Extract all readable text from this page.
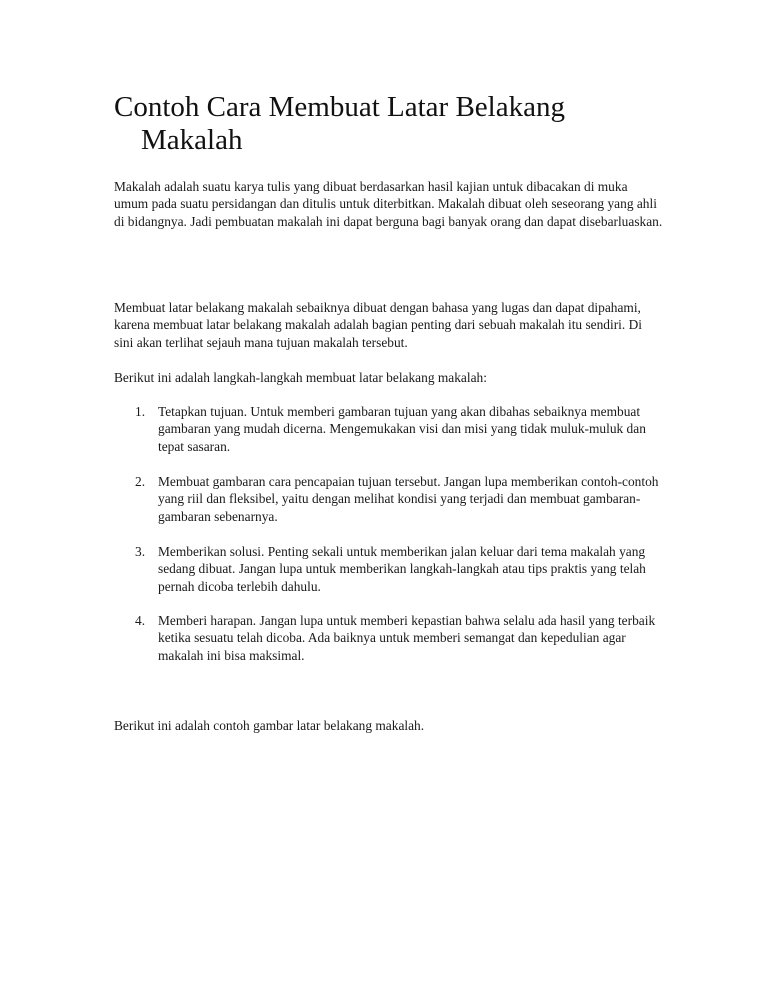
Contoh Cara Membuat Latar Belakang
Makalah

Makalah adalah suatu karya tulis yang dibuat berdasarkan hasil kajian untuk dibacakan di muka umum pada suatu persidangan dan ditulis untuk diterbitkan. Makalah dibuat oleh seseorang yang ahli di bidangnya. Jadi pembuatan makalah ini dapat berguna bagi banyak orang dan dapat disebarluaskan.

Membuat latar belakang makalah sebaiknya dibuat dengan bahasa yang lugas dan dapat dipahami, karena membuat latar belakang makalah adalah bagian penting dari sebuah makalah itu sendiri. Di sini akan terlihat sejauh mana tujuan makalah tersebut.

Berikut ini adalah langkah-langkah membuat latar belakang makalah:

1. Tetapkan tujuan. Untuk memberi gambaran tujuan yang akan dibahas sebaiknya membuat gambaran yang mudah dicerna. Mengemukakan visi dan misi yang tidak muluk-muluk dan tepat sasaran.
2. Membuat gambaran cara pencapaian tujuan tersebut. Jangan lupa memberikan contoh-contoh yang riil dan fleksibel, yaitu dengan melihat kondisi yang terjadi dan membuat gambaran-gambaran sebenarnya.
3. Memberikan solusi. Penting sekali untuk memberikan jalan keluar dari tema makalah yang sedang dibuat. Jangan lupa untuk memberikan langkah-langkah atau tips praktis yang telah pernah dicoba terlebih dahulu.
4. Memberi harapan. Jangan lupa untuk memberi kepastian bahwa selalu ada hasil yang terbaik ketika sesuatu telah dicoba. Ada baiknya untuk memberi semangat dan kepedulian agar makalah ini bisa maksimal.

Berikut ini adalah contoh gambar latar belakang makalah.
